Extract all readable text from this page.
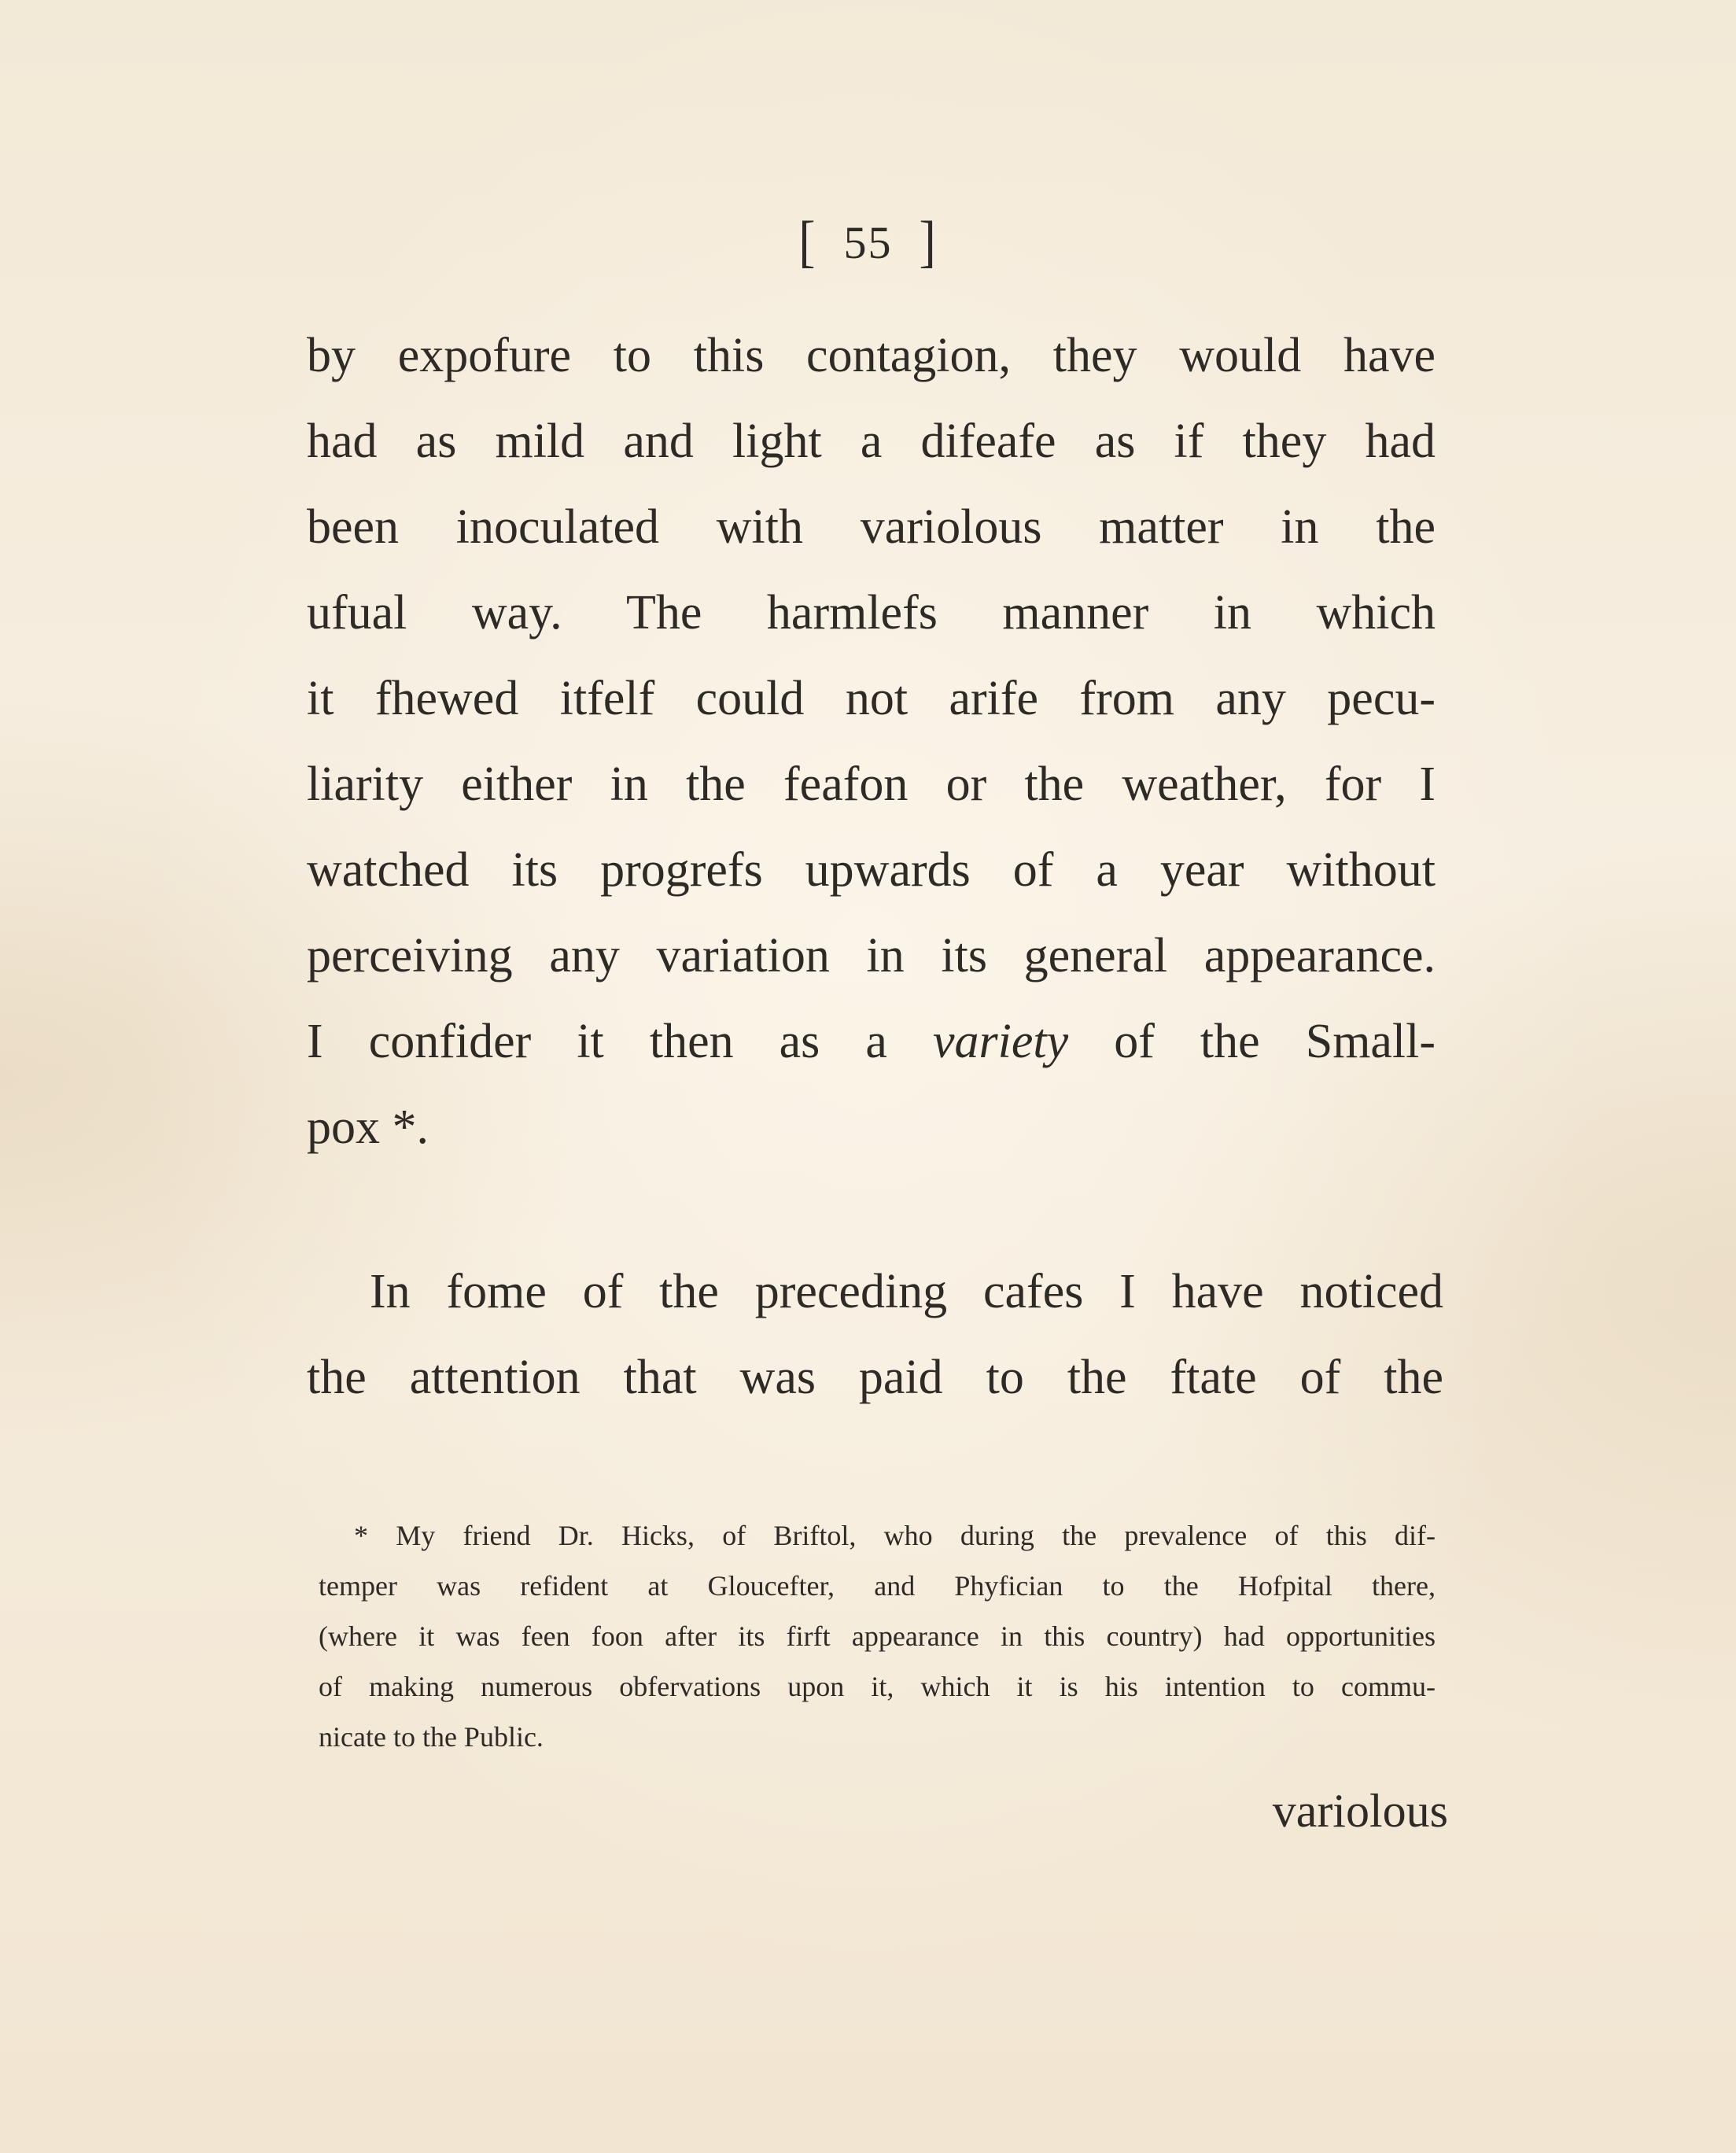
[ 55 ]
by expofure to this contagion, they would have
had as mild and light a difeafe as if they had
been inoculated with variolous matter in the
ufual way. The harmlefs manner in which
it fhewed itfelf could not arife from any pecu-
liarity either in the feafon or the weather, for I
watched its progrefs upwards of a year without
perceiving any variation in its general appearance.
I confider it then as a variety of the Small-
pox *.
In fome of the preceding cafes I have noticed
the attention that was paid to the ftate of the
* My friend Dr. Hicks, of Briftol, who during the prevalence of this dif-
temper was refident at Gloucefter, and Phyfician to the Hofpital there,
(where it was feen foon after its firft appearance in this country) had opportunities
of making numerous obfervations upon it, which it is his intention to commu-
nicate to the Public.
variolous
